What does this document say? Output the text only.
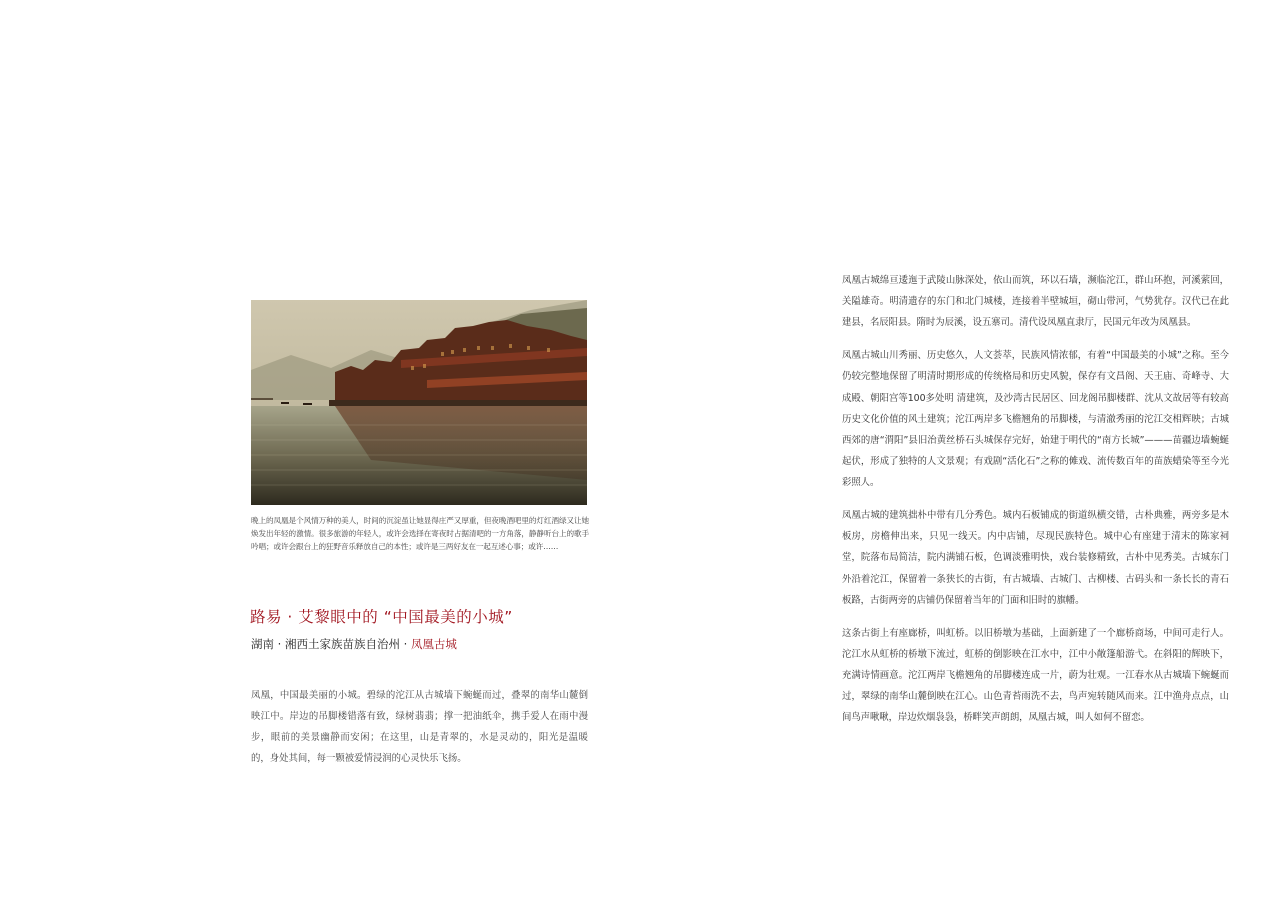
晚上的凤凰是个风情万种的美人，时间的沉淀虽让她显得庄严又厚重，但夜晚酒吧里的灯红酒绿又让她焕发出年轻的激情。很多旅游的年轻人，或许会选择在寄夜时占据清吧的一方角落，静静听台上的歌手吟唱；或许会跟台上的狂野音乐释放自己的本性；或许是三两好友在一起互述心事；或许……
路易 · 艾黎眼中的 “中国最美的小城”
湖南 · 湘西土家族苗族自治州 · 凤凰古城
凤凰，中国最美丽的小城。碧绿的沱江从古城墙下蜿蜒而过，叠翠的南华山麓倒映江中。岸边的吊脚楼错落有致，绿树翡翡；撑一把油纸伞，携手爱人在雨中漫步，眼前的美景幽静而安闲；在这里，山是青翠的，水是灵动的，阳光是温暖的，身处其间，每一颗被爱情浸润的心灵快乐飞扬。

凤凰古城绵亘逶迤于武陵山脉深处，依山而筑，环以石墙，濒临沱江，群山环抱，河溪萦回，关隘雄奇。明清遗存的东门和北门城楼，连接着半壁城垣，砌山带河，气势犹存。汉代已在此建县，名辰阳县。隋时为辰溪，设五寨司。清代设凤凰直隶厅，民国元年改为凤凰县。

凤凰古城山川秀丽、历史悠久，人文荟萃，民族风情浓郁，有着“中国最美的小城”之称。至今仍较完整地保留了明清时期形成的传统格局和历史风貌，保存有文昌阁、天王庙、奇峰寺、大成殿、朝阳宫等100多处明 清建筑，及沙湾古民居区、回龙阁吊脚楼群、沈从文故居等有较高历史文化价值的风土建筑；沱江两岸多飞檐翘角的吊脚楼，与清澈秀丽的沱江交相辉映；古城西郊的唐“渭阳”县旧治黄丝桥石头城保存完好，始建于明代的“南方长城”———苗疆边墙蜿蜒起伏，形成了独特的人文景观；有戏剧“活化石”之称的傩戏、流传数百年的苗族蜡染等至今光彩照人。

凤凰古城的建筑拙朴中带有几分秀色。城内石板铺成的街道纵横交错，古朴典雅，两旁多是木板房，房檐伸出来，只见一线天。内中店铺，尽现民族特色。城中心有座建于清末的陈家祠堂，院落布局简洁，院内满铺石板，色调淡雅明快，戏台装修精致，古朴中见秀美。古城东门外沿着沱江，保留着一条狭长的古街，有古城墙、古城门、古柳楼、古码头和一条长长的青石板路，古街两旁的店铺仍保留着当年的门面和旧时的旗幡。

这条古街上有座廊桥，叫虹桥。以旧桥墩为基础，上面新建了一个廊桥商场，中间可走行人。沱江水从虹桥的桥墩下流过，虹桥的倒影映在江水中，江中小敞篷船游弋。在斜阳的辉映下，充满诗情画意。沱江两岸飞檐翘角的吊脚楼连成一片，蔚为壮观。一江春水从古城墙下蜿蜒而过，翠绿的南华山麓倒映在江心。山色青苔雨洗不去，鸟声宛转随风而来。江中渔舟点点，山间鸟声啾啾，岸边炊烟袅袅，桥畔笑声朗朗，凤凰古城，叫人如何不留恋。
